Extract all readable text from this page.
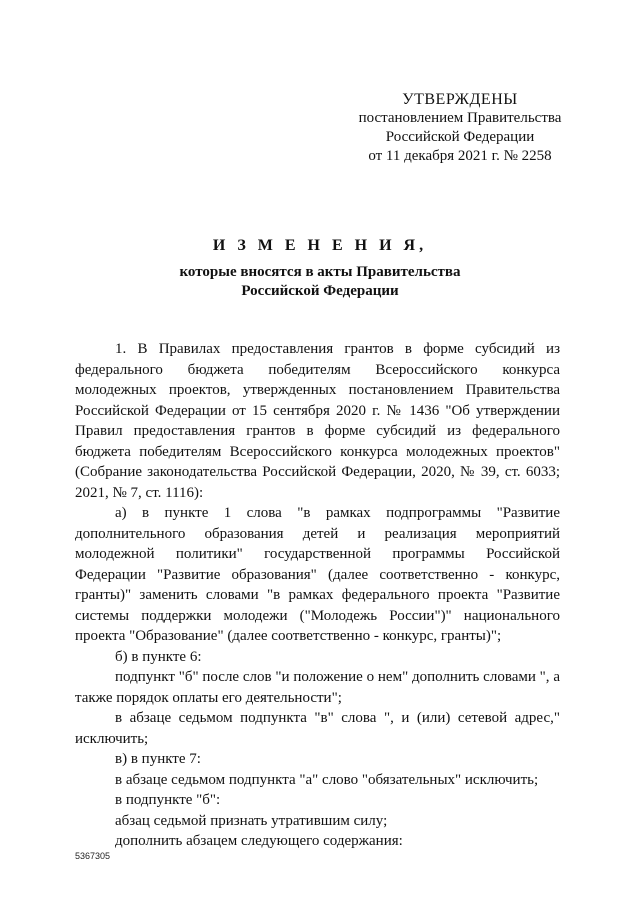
УТВЕРЖДЕНЫ
постановлением Правительства
Российской Федерации
от 11 декабря 2021 г. № 2258
И З М Е Н Е Н И Я,
которые вносятся в акты Правительства
Российской Федерации

1. В Правилах предоставления грантов в форме субсидий из федерального бюджета победителям Всероссийского конкурса молодежных проектов, утвержденных постановлением Правительства Российской Федерации от 15 сентября 2020 г. № 1436 "Об утверждении Правил предоставления грантов в форме субсидий из федерального бюджета победителям Всероссийского конкурса молодежных проектов" (Собрание законодательства Российской Федерации, 2020, № 39, ст. 6033; 2021, № 7, ст. 1116):

а) в пункте 1 слова "в рамках подпрограммы "Развитие дополнительного образования детей и реализация мероприятий молодежной политики" государственной программы Российской Федерации "Развитие образования" (далее соответственно - конкурс, гранты)" заменить словами "в рамках федерального проекта "Развитие системы поддержки молодежи ("Молодежь России")" национального проекта "Образование" (далее соответственно - конкурс, гранты)";

б) в пункте 6:

подпункт "б" после слов "и положение о нем" дополнить словами ", а также порядок оплаты его деятельности";

в абзаце седьмом подпункта "в" слова ", и (или) сетевой адрес," исключить;

в) в пункте 7:

в абзаце седьмом подпункта "а" слово "обязательных" исключить;

в подпункте "б":

абзац седьмой признать утратившим силу;

дополнить абзацем следующего содержания:

5367305
